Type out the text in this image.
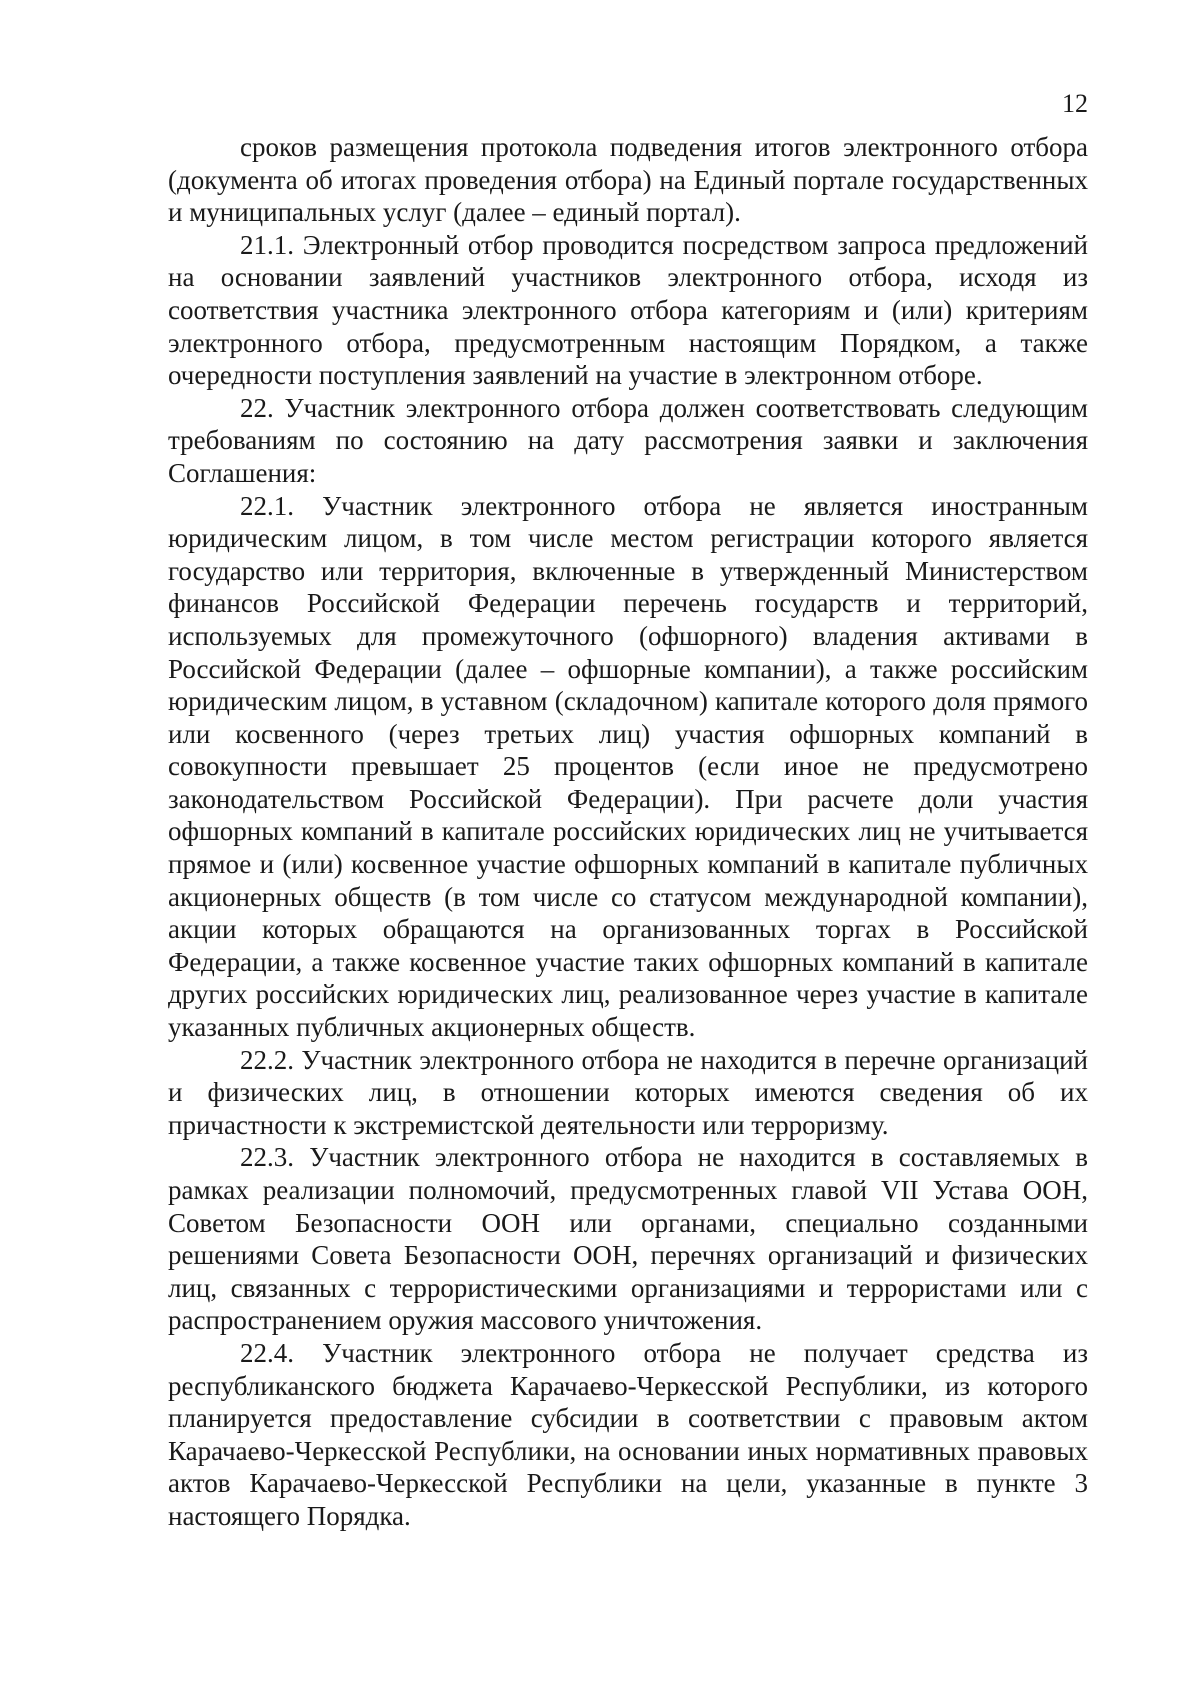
12

сроков размещения протокола подведения итогов электронного отбора (документа об итогах проведения отбора) на Единый портале государственных и муниципальных услуг (далее – единый портал).

21.1. Электронный отбор проводится посредством запроса предложений на основании заявлений участников электронного отбора, исходя из соответствия участника электронного отбора категориям и (или) критериям электронного отбора, предусмотренным настоящим Порядком, а также очередности поступления заявлений на участие в электронном отборе.

22. Участник электронного отбора должен соответствовать следующим требованиям по состоянию на дату рассмотрения заявки и заключения Соглашения:

22.1. Участник электронного отбора не является иностранным юридическим лицом, в том числе местом регистрации которого является государство или территория, включенные в утвержденный Министерством финансов Российской Федерации перечень государств и территорий, используемых для промежуточного (офшорного) владения активами в Российской Федерации (далее – офшорные компании), а также российским юридическим лицом, в уставном (складочном) капитале которого доля прямого или косвенного (через третьих лиц) участия офшорных компаний в совокупности превышает 25 процентов (если иное не предусмотрено законодательством Российской Федерации). При расчете доли участия офшорных компаний в капитале российских юридических лиц не учитывается прямое и (или) косвенное участие офшорных компаний в капитале публичных акционерных обществ (в том числе со статусом международной компании), акции которых обращаются на организованных торгах в Российской Федерации, а также косвенное участие таких офшорных компаний в капитале других российских юридических лиц, реализованное через участие в капитале указанных публичных акционерных обществ.

22.2. Участник электронного отбора не находится в перечне организаций и физических лиц, в отношении которых имеются сведения об их причастности к экстремистской деятельности или терроризму.

22.3. Участник электронного отбора не находится в составляемых в рамках реализации полномочий, предусмотренных главой VII Устава ООН, Советом Безопасности ООН или органами, специально созданными решениями Совета Безопасности ООН, перечнях организаций и физических лиц, связанных с террористическими организациями и террористами или с распространением оружия массового уничтожения.

22.4. Участник электронного отбора не получает средства из республиканского бюджета Карачаево-Черкесской Республики, из которого планируется предоставление субсидии в соответствии с правовым актом Карачаево-Черкесской Республики, на основании иных нормативных правовых актов Карачаево-Черкесской Республики на цели, указанные в пункте 3 настоящего Порядка.
